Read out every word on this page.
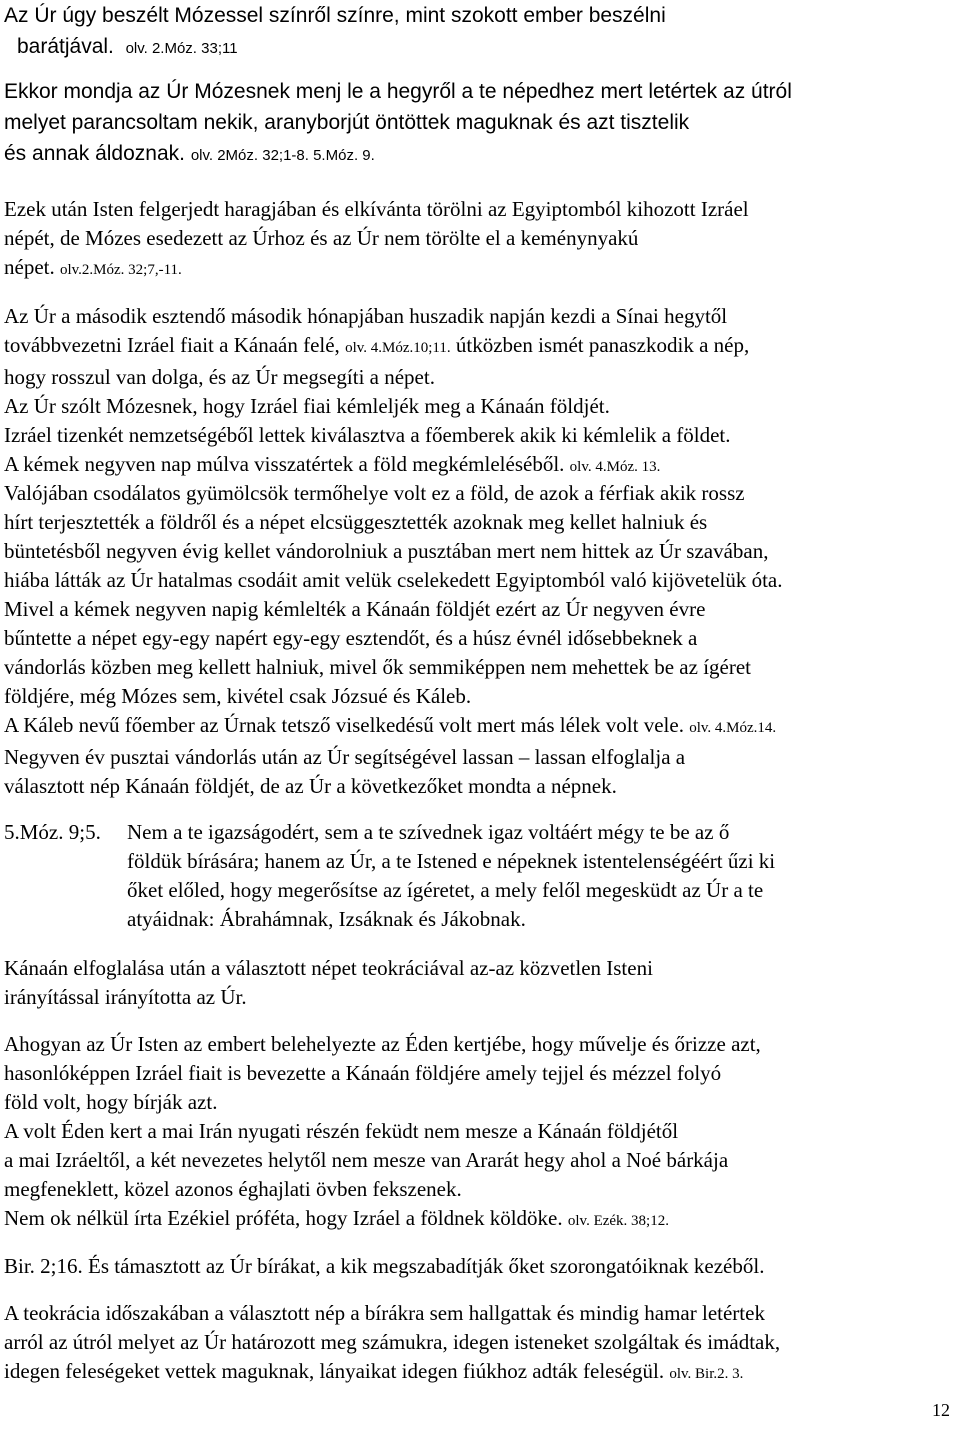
Az Úr úgy beszélt Mózessel színről színre, mint szokott ember beszélni
barátjával. olv. 2.Móz. 33;11
Ekkor mondja az Úr Mózesnek menj le a hegyről a te népedhez mert letértek az útról
melyet parancsoltam nekik, aranyborjút öntöttek maguknak és azt tisztelik
és annak áldoznak. olv. 2Móz. 32;1-8. 5.Móz. 9.
Ezek után Isten felgerjedt haragjában és elkívánta törölni az Egyiptomból kihozott Izráel
népét, de Mózes esedezett az Úrhoz és az Úr nem törölte el a keménynyakú
népet. olv.2.Móz. 32;7,-11.
Az Úr a második esztendő második hónapjában huszadik napján kezdi a Sínai hegytől
továbbvezetni Izráel fiait a Kánaán felé, olv. 4.Móz.10;11. útközben ismét panaszkodik a nép,
hogy rosszul van dolga, és az Úr megsegíti a népet.
Az Úr szólt Mózesnek, hogy Izráel fiai kémleljék meg a Kánaán földjét.
Izráel tizenkét nemzetségéből lettek kiválasztva a főemberek akik ki kémlelik a földet.
A kémek negyven nap múlva visszatértek a föld megkémleléséből. olv. 4.Móz. 13.
Valójában csodálatos gyümölcsök termőhelye volt ez a föld, de azok a férfiak akik rossz
hírt terjesztették a földről és a népet elcsüggesztették azoknak meg kellet halniuk és
büntetésből negyven évig kellet vándorolniuk a pusztában mert nem hittek az Úr szavában,
hiába látták az Úr hatalmas csodáit amit velük cselekedett Egyiptomból való kijövetelük óta.
Mivel a kémek negyven napig kémlelték a Kánaán földjét ezért az Úr negyven évre
bűntette a népet egy-egy napért egy-egy esztendőt, és a húsz évnél idősebbeknek a
vándorlás közben meg kellett halniuk, mivel ők semmiképpen nem mehettek be az ígéret
földjére, még Mózes sem, kivétel csak Józsué és Káleb.
A Káleb nevű főember az Úrnak tetsző viselkedésű volt mert más lélek volt vele. olv. 4.Móz.14.
Negyven év pusztai vándorlás után az Úr segítségével lassan – lassan elfoglalja a
választott nép Kánaán földjét, de az Úr a következőket mondta a népnek.
5.Móz. 9;5. Nem a te igazságodért, sem a te szívednek igaz voltáért mégy te be az ő
földük bírására; hanem az Úr, a te Istened e népeknek istentelenségéért űzi ki
őket előled, hogy megerősítse az ígéretet, a mely felől megesküdt az Úr a te
atyáidnak: Ábrahámnak, Izsáknak és Jákobnak.
Kánaán elfoglalása után a választott népet teokráciával az-az közvetlen Isteni
irányítással irányította az Úr.
Ahogyan az Úr Isten az embert belehelyezte az Éden kertjébe, hogy művelje és őrizze azt,
hasonlóképpen Izráel fiait is bevezette a Kánaán földjére amely tejjel és mézzel folyó
föld volt, hogy bírják azt.
A volt Éden kert a mai Irán nyugati részén feküdt nem mesze a Kánaán földjétől
a mai Izráeltől, a két nevezetes helytől nem mesze van Ararát hegy ahol a Noé bárkája
megfeneklett, közel azonos éghajlati övben fekszenek.
Nem ok nélkül írta Ezékiel próféta, hogy Izráel a földnek köldöke. olv. Ezék. 38;12.
Bir. 2;16. És támasztott az Úr bírákat, a kik megszabadítják őket szorongatóiknak kezéből.
A teokrácia időszakában a választott nép a bírákra sem hallgattak és mindig hamar letértek
arról az útról melyet az Úr határozott meg számukra, idegen isteneket szolgáltak és imádtak,
idegen feleségeket vettek maguknak, lányaikat idegen fiúkhoz adták feleségül. olv. Bir.2. 3.
12
